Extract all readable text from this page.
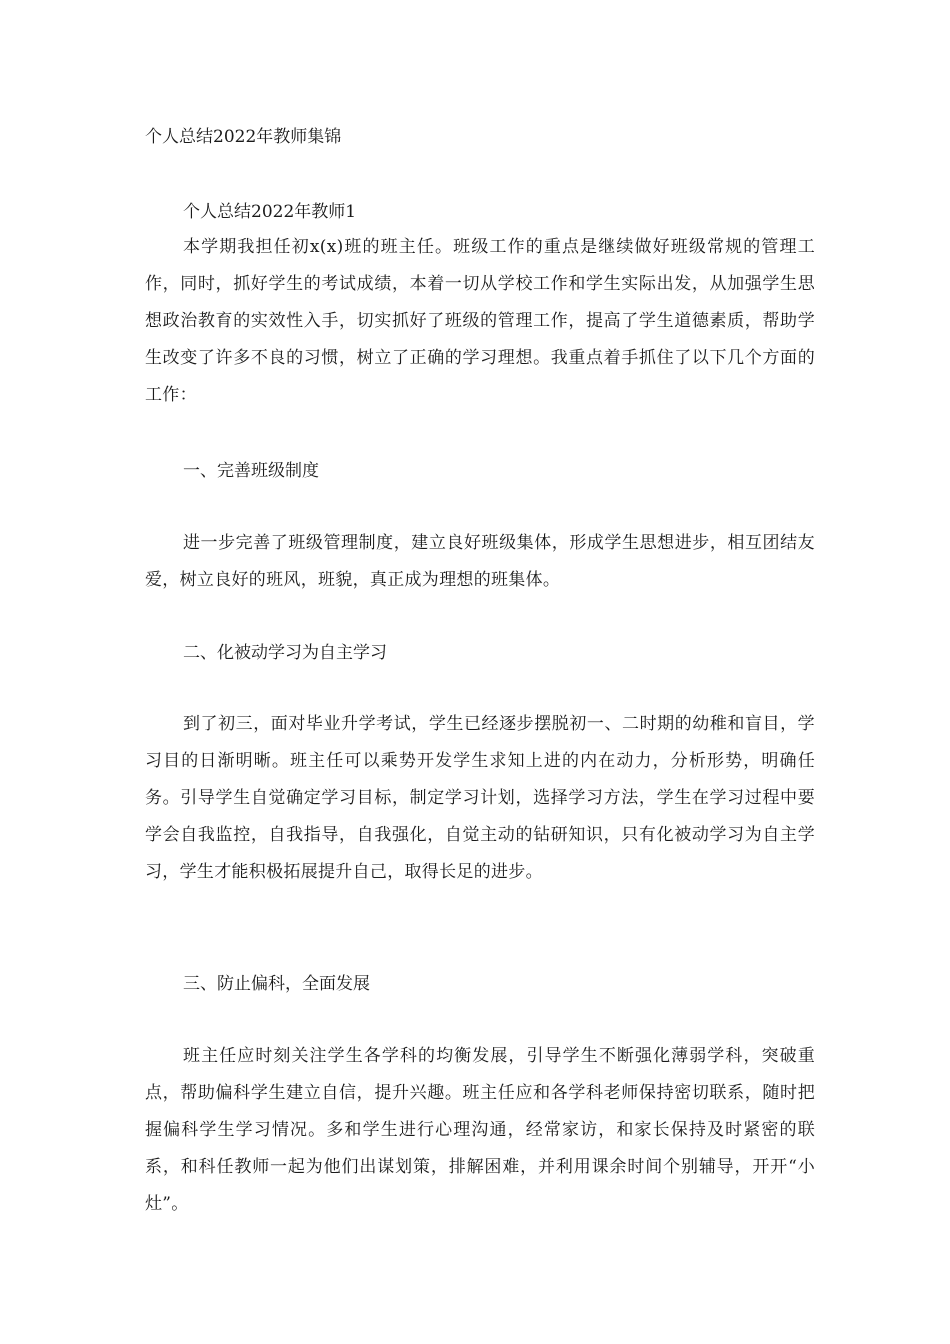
个人总结2022年教师集锦
个人总结2022年教师1
本学期我担任初x(x)班的班主任。班级工作的重点是继续做好班级常规的管理工作，同时，抓好学生的考试成绩，本着一切从学校工作和学生实际出发，从加强学生思想政治教育的实效性入手，切实抓好了班级的管理工作，提高了学生道德素质，帮助学生改变了许多不良的习惯，树立了正确的学习理想。我重点着手抓住了以下几个方面的工作：
一、完善班级制度
进一步完善了班级管理制度，建立良好班级集体，形成学生思想进步，相互团结友爱，树立良好的班风，班貌，真正成为理想的班集体。
二、化被动学习为自主学习
到了初三，面对毕业升学考试，学生已经逐步摆脱初一、二时期的幼稚和盲目，学习目的日渐明晰。班主任可以乘势开发学生求知上进的内在动力，分析形势，明确任务。引导学生自觉确定学习目标，制定学习计划，选择学习方法，学生在学习过程中要学会自我监控，自我指导，自我强化，自觉主动的钻研知识，只有化被动学习为自主学习，学生才能积极拓展提升自己，取得长足的进步。
三、防止偏科，全面发展
班主任应时刻关注学生各学科的均衡发展，引导学生不断强化薄弱学科，突破重点，帮助偏科学生建立自信，提升兴趣。班主任应和各学科老师保持密切联系，随时把握偏科学生学习情况。多和学生进行心理沟通，经常家访，和家长保持及时紧密的联系，和科任教师一起为他们出谋划策，排解困难，并利用课余时间个别辅导，开开“小灶”。
